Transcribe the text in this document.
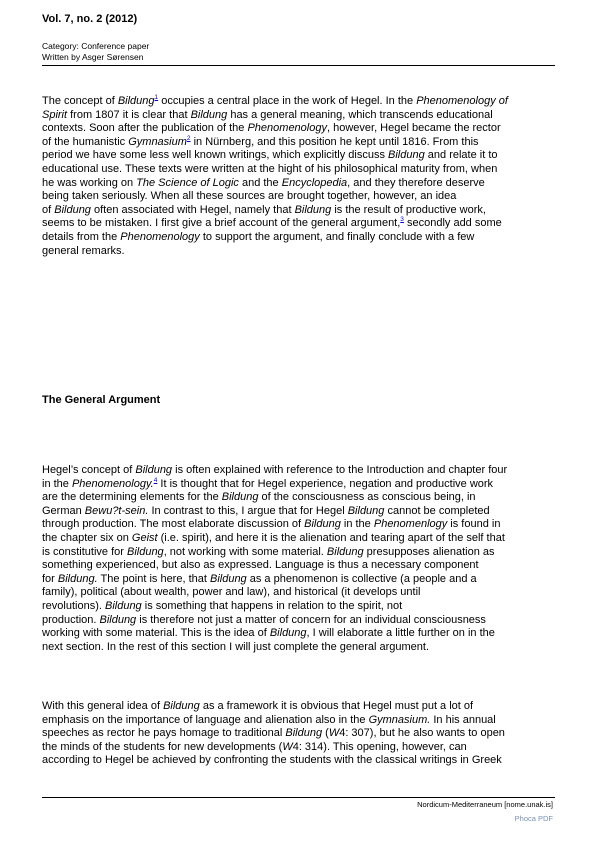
Vol. 7, no. 2 (2012)
Category: Conference paper
Written by Asger Sørensen
The concept of Bildung$^1$ occupies a central place in the work of Hegel. In the Phenomenology of
Spirit from 1807 it is clear that Bildung has a general meaning, which transcends educational
contexts. Soon after the publication of the Phenomenology, however, Hegel became the rector
of the humanistic Gymnasium$^2$ in Nürnberg, and this position he kept until 1816. From this
period we have some less well known writings, which explicitly discuss Bildung and relate it to
educational use. These texts were written at the hight of his philosophical maturity from, when
he was working on The Science of Logic and the Encyclopedia, and they therefore deserve
being taken seriously. When all these sources are brought together, however, an idea
of Bildung often associated with Hegel, namely that Bildung is the result of productive work,
seems to be mistaken. I first give a brief account of the general argument,$^3$ secondly add some
details from the Phenomenology to support the argument, and finally conclude with a few
general remarks.
The General Argument
Hegel’s concept of Bildung is often explained with reference to the Introduction and chapter four
in the Phenomenology.$^4$ It is thought that for Hegel experience, negation and productive work
are the determining elements for the Bildung of the consciousness as conscious being, in
German Bewu?t-sein. In contrast to this, I argue that for Hegel Bildung cannot be completed
through production. The most elaborate discussion of Bildung in the Phenomenlogy is found in
the chapter six on Geist (i.e. spirit), and here it is the alienation and tearing apart of the self that
is constitutive for Bildung, not working with some material. Bildung presupposes alienation as
something experienced, but also as expressed. Language is thus a necessary component
for Bildung. The point is here, that Bildung as a phenomenon is collective (a people and a
family), political (about wealth, power and law), and historical (it develops until
revolutions). Bildung is something that happens in relation to the spirit, not
production. Bildung is therefore not just a matter of concern for an individual consciousness
working with some material. This is the idea of Bildung, I will elaborate a little further on in the
next section. In the rest of this section I will just complete the general argument.
With this general idea of Bildung as a framework it is obvious that Hegel must put a lot of
emphasis on the importance of language and alienation also in the Gymnasium. In his annual
speeches as rector he pays homage to traditional Bildung (W4: 307), but he also wants to open
the minds of the students for new developments (W4: 314). This opening, however, can
according to Hegel be achieved by confronting the students with the classical writings in Greek
Nordicum-Mediterraneum [nome.unak.is]
Phoca PDF
